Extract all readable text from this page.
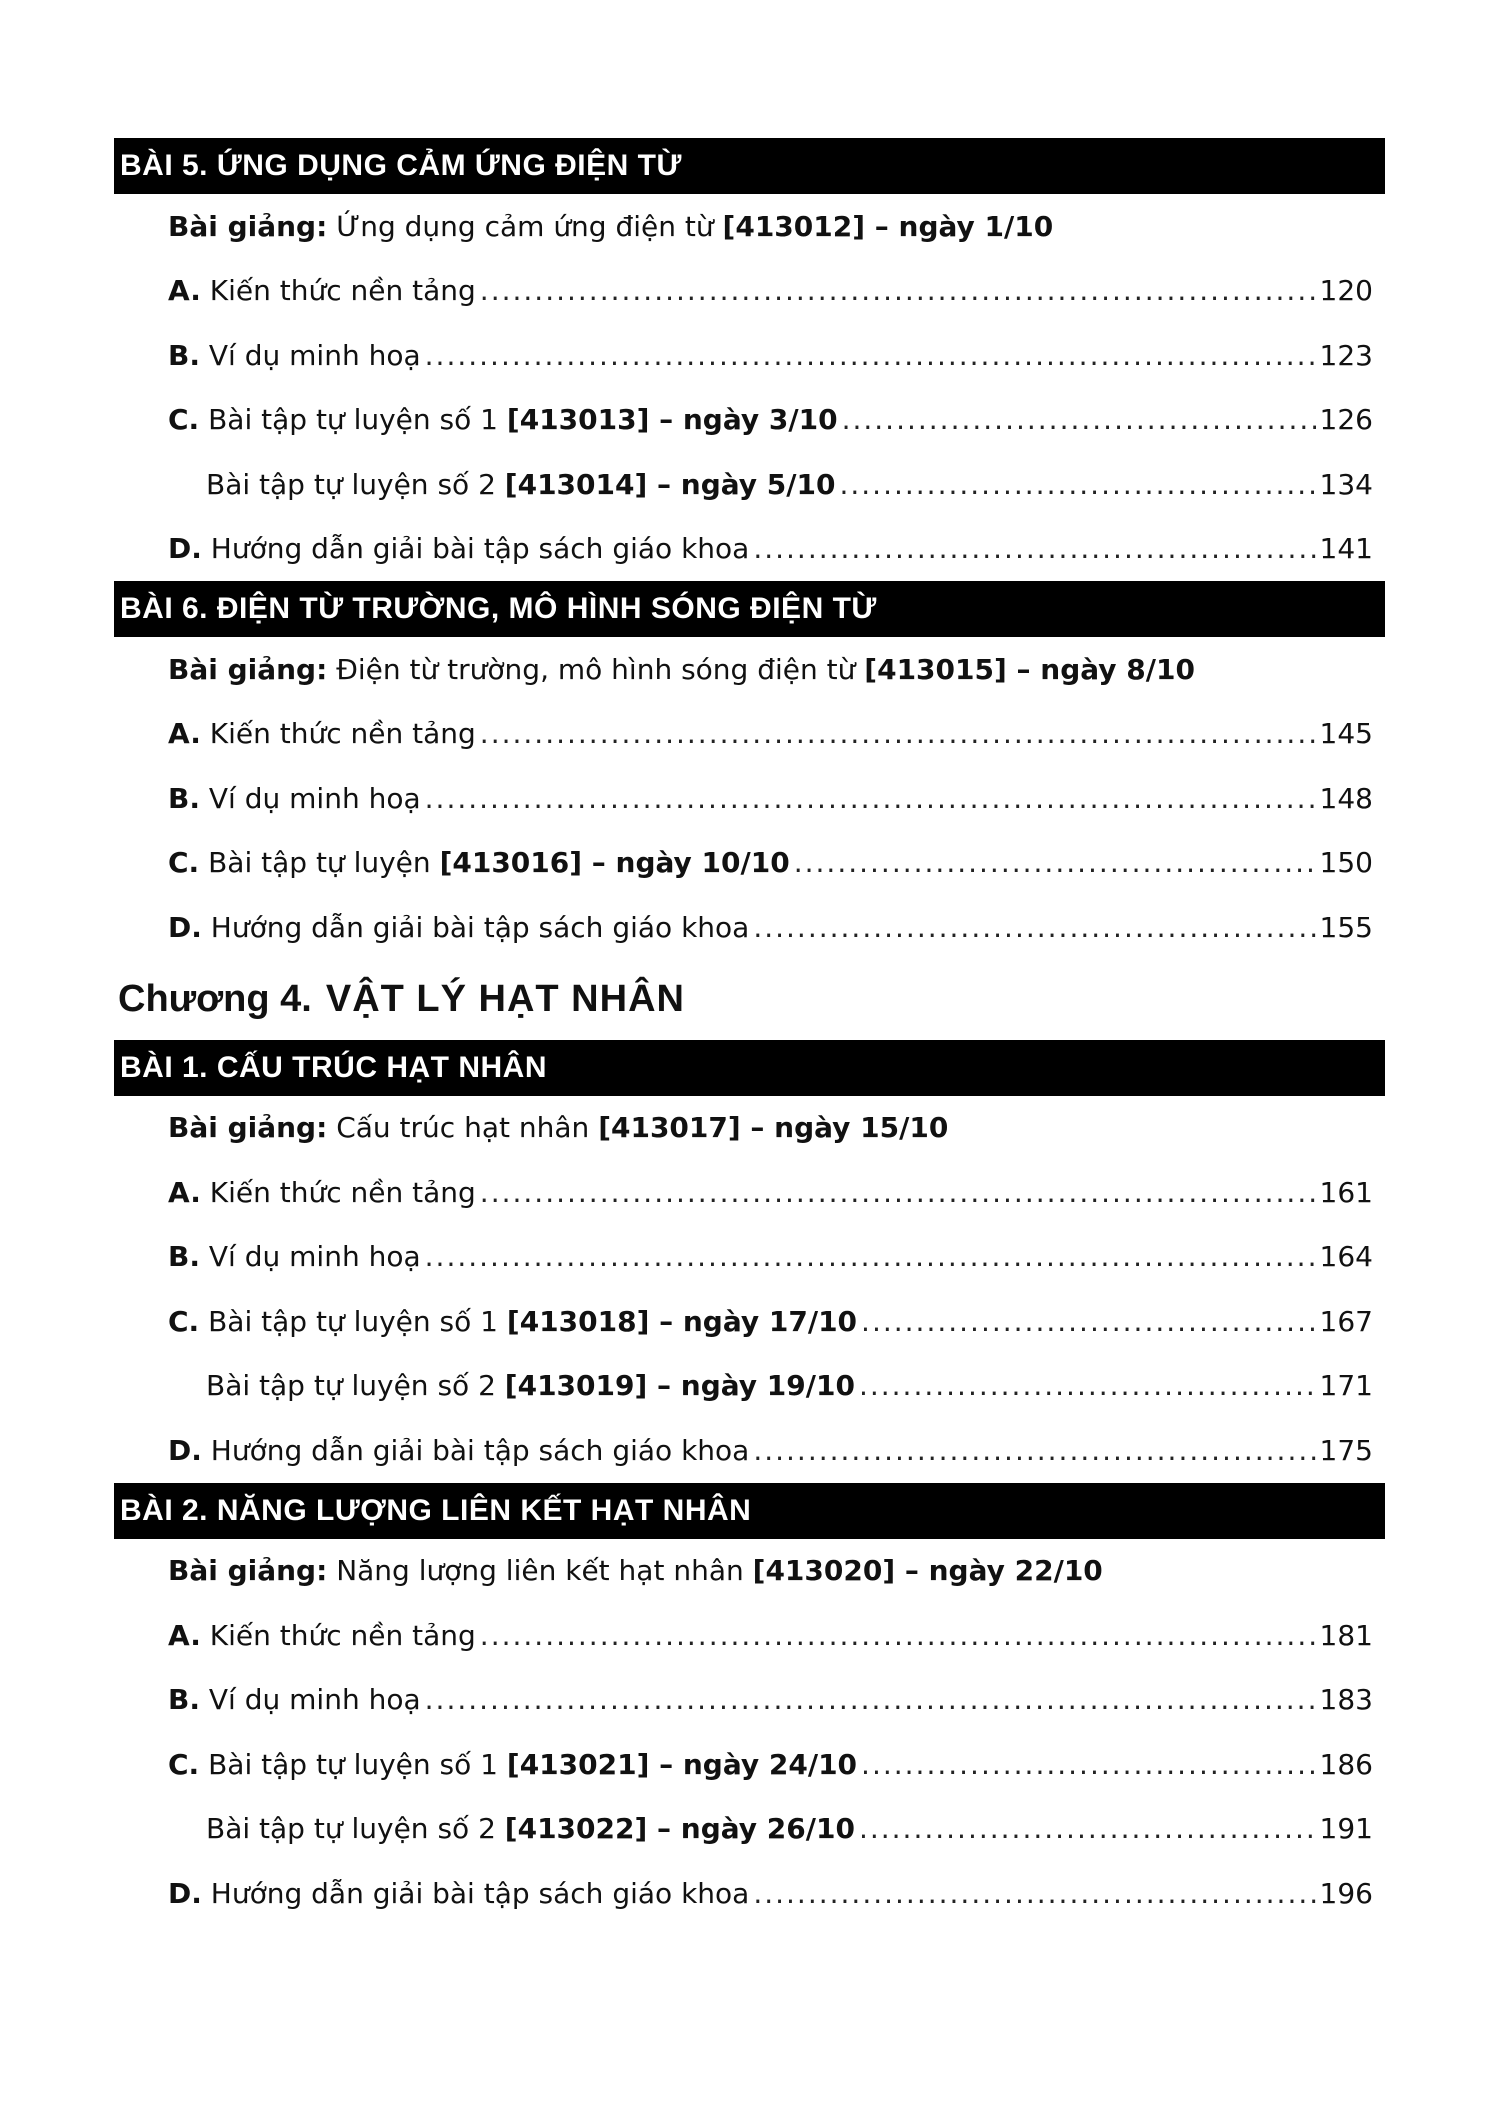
BÀI 5. ỨNG DỤNG CẢM ỨNG ĐIỆN TỪ
Bài giảng: Ứng dụng cảm ứng điện từ [413012] – ngày 1/10
A. Kiến thức nền tảng .....	120
B. Ví dụ minh hoạ .....	123
C. Bài tập tự luyện số 1 [413013] – ngày 3/10 .....	126
Bài tập tự luyện số 2 [413014] – ngày 5/10 .....	134
D. Hướng dẫn giải bài tập sách giáo khoa .....	141
BÀI 6. ĐIỆN TỪ TRƯỜNG, MÔ HÌNH SÓNG ĐIỆN TỪ
Bài giảng: Điện từ trường, mô hình sóng điện từ [413015] – ngày 8/10
A. Kiến thức nền tảng .....	145
B. Ví dụ minh hoạ .....	148
C. Bài tập tự luyện [413016] – ngày 10/10 .....	150
D. Hướng dẫn giải bài tập sách giáo khoa .....	155
Chương 4. VẬT LÝ HẠT NHÂN
BÀI 1. CẤU TRÚC HẠT NHÂN
Bài giảng: Cấu trúc hạt nhân [413017] – ngày 15/10
A. Kiến thức nền tảng .....	161
B. Ví dụ minh hoạ .....	164
C. Bài tập tự luyện số 1 [413018] – ngày 17/10 .....	167
Bài tập tự luyện số 2 [413019] – ngày 19/10 .....	171
D. Hướng dẫn giải bài tập sách giáo khoa .....	175
BÀI 2. NĂNG LƯỢNG LIÊN KẾT HẠT NHÂN
Bài giảng: Năng lượng liên kết hạt nhân [413020] – ngày 22/10
A. Kiến thức nền tảng .....	181
B. Ví dụ minh hoạ .....	183
C. Bài tập tự luyện số 1 [413021] – ngày 24/10 .....	186
Bài tập tự luyện số 2 [413022] – ngày 26/10 .....	191
D. Hướng dẫn giải bài tập sách giáo khoa .....	196
